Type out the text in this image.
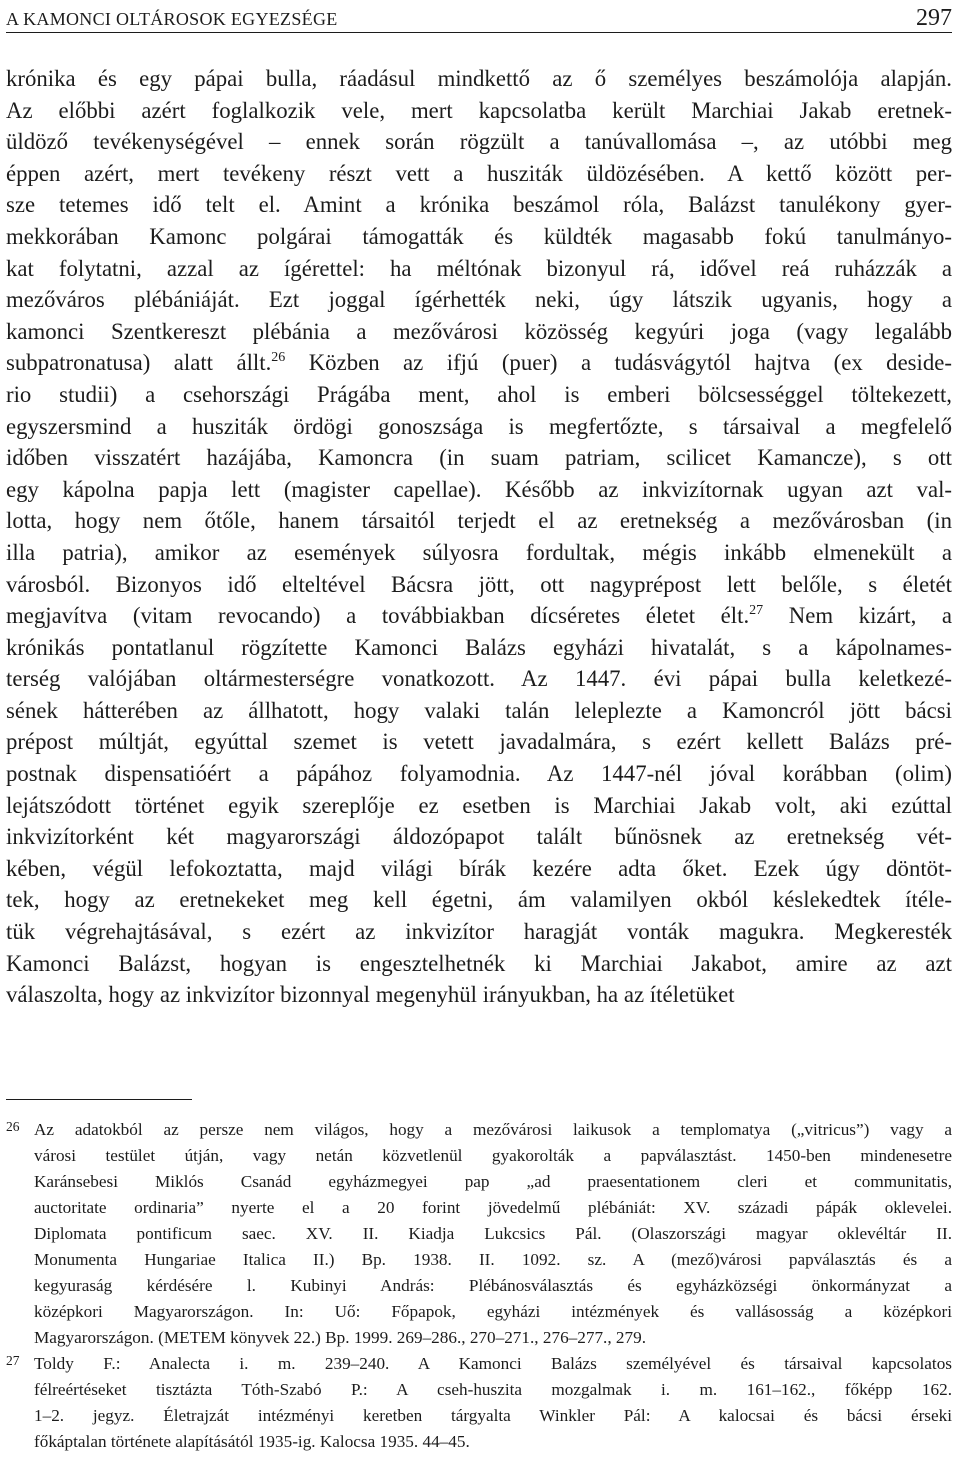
A KAMONCI OLTÁROSOK EGYEZSÉGE	297
krónika és egy pápai bulla, ráadásul mindkettő az ő személyes beszámolója alapján.
Az előbbi azért foglalkozik vele, mert kapcsolatba került Marchiai Jakab eretnek-
üldöző tevékenységével – ennek során rögzült a tanúvallomása –, az utóbbi meg
éppen azért, mert tevékeny részt vett a husziták üldözésében. A kettő között per-
sze tetemes idő telt el. Amint a krónika beszámol róla, Balázst tanulékony gyer-
mekkorában Kamonc polgárai támogatták és küldték magasabb fokú tanulmányo-
kat folytatni, azzal az ígérettel: ha méltónak bizonyul rá, idővel reá ruházzák a
mezőváros plébániáját. Ezt joggal ígérhették neki, úgy látszik ugyanis, hogy a
kamonci Szentkereszt plébánia a mezővárosi közösség kegyúri joga (vagy legalább
subpatronatusa) alatt állt.$^{26}$ Közben az ifjú (puer) a tudásvágytól hajtva (ex deside-
rio studii) a csehországi Prágába ment, ahol is emberi bölcsességgel töltekezett,
egyszersmind a husziták ördögi gonoszsága is megfertőzte, s társaival a megfelelő
időben visszatért hazájába, Kamoncra (in suam patriam, scilicet Kamancze), s ott
egy kápolna papja lett (magister capellae). Később az inkvizítornak ugyan azt val-
lotta, hogy nem őtőle, hanem társaitól terjedt el az eretnekség a mezővárosban (in
illa patria), amikor az események súlyosra fordultak, mégis inkább elmenekült a
városból. Bizonyos idő elteltével Bácsra jött, ott nagyprépost lett belőle, s életét
megjavítva (vitam revocando) a továbbiakban dícséretes életet élt.$^{27}$ Nem kizárt, a
krónikás pontatlanul rögzítette Kamonci Balázs egyházi hivatalát, s a kápolnames-
terség valójában oltármesterségre vonatkozott. Az 1447. évi pápai bulla keletkezé-
sének hátterében az állhatott, hogy valaki talán leleplezte a Kamoncról jött bácsi
prépost múltját, egyúttal szemet is vetett javadalmára, s ezért kellett Balázs pré-
postnak dispensatióért a pápához folyamodnia. Az 1447-nél jóval korábban (olim)
lejátszódott történet egyik szereplője ez esetben is Marchiai Jakab volt, aki ezúttal
inkvizítorként két magyarországi áldozópapot talált bűnösnek az eretnekség vét-
kében, végül lefokoztatta, majd világi bírák kezére adta őket. Ezek úgy döntöt-
tek, hogy az eretnekeket meg kell égetni, ám valamilyen okból késlekedtek ítéle-
tük végrehajtásával, s ezért az inkvizítor haragját vonták magukra. Megkeresték
Kamonci Balázst, hogyan is engesztelhetnék ki Marchiai Jakabot, amire az azt
válaszolta, hogy az inkvizítor bizonnyal megenyhül irányukban, ha az ítéletüket
26 Az adatokból az persze nem világos, hogy a mezővárosi laikusok a templomatya („vitricus”) vagy a
városi testület útján, vagy netán közvetlenül gyakorolták a papválasztást. 1450-ben mindenesetre
Karánsebesi Miklós Csanád egyházmegyei pap „ad praesentationem cleri et communitatis,
auctoritate ordinaria” nyerte el a 20 forint jövedelmű plébániát: XV. századi pápák oklevelei.
Diplomata pontificum saec. XV. II. Kiadja Lukcsics Pál. (Olaszországi magyar oklevéltár II.
Monumenta Hungariae Italica II.) Bp. 1938. II. 1092. sz. A (mező)városi papválasztás és a
kegyuraság kérdésére l. Kubinyi András: Plébánosválasztás és egyházközségi önkormányzat a
középkori Magyarországon. In: Uő: Főpapok, egyházi intézmények és vallásosság a középkori
Magyarországon. (METEM könyvek 22.) Bp. 1999. 269–286., 270–271., 276–277., 279.
27 Toldy F.: Analecta i. m. 239–240. A Kamonci Balázs személyével és társaival kapcsolatos
félreértéseket tisztázta Tóth-Szabó P.: A cseh-huszita mozgalmak i. m. 161–162., főképp 162.
1–2. jegyz. Életrajzát intézményi keretben tárgyalta Winkler Pál: A kalocsai és bácsi érseki
főkáptalan története alapításától 1935-ig. Kalocsa 1935. 44–45.
